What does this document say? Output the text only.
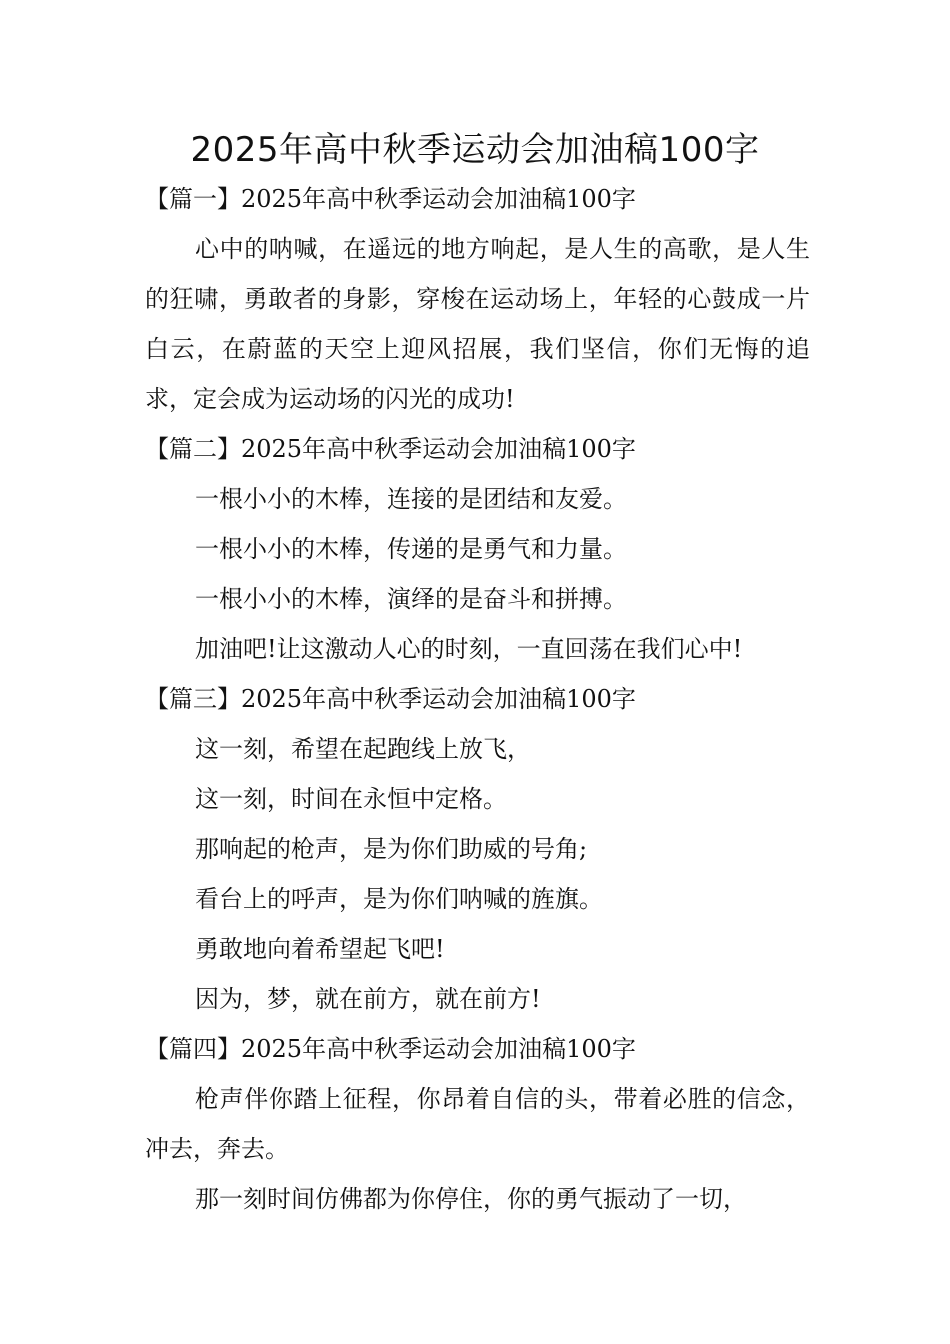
2025年高中秋季运动会加油稿100字

【篇一】2025年高中秋季运动会加油稿100字

心中的呐喊，在遥远的地方响起，是人生的高歌，是人生的狂啸，勇敢者的身影，穿梭在运动场上，年轻的心鼓成一片白云，在蔚蓝的天空上迎风招展，我们坚信，你们无悔的追求，定会成为运动场的闪光的成功!

【篇二】2025年高中秋季运动会加油稿100字

一根小小的木棒，连接的是团结和友爱。

一根小小的木棒，传递的是勇气和力量。

一根小小的木棒，演绎的是奋斗和拼搏。

加油吧!让这激动人心的时刻，一直回荡在我们心中!

【篇三】2025年高中秋季运动会加油稿100字

这一刻，希望在起跑线上放飞，

这一刻，时间在永恒中定格。

那响起的枪声，是为你们助威的号角;

看台上的呼声，是为你们呐喊的旌旗。

勇敢地向着希望起飞吧!

因为，梦，就在前方，就在前方!

【篇四】2025年高中秋季运动会加油稿100字

枪声伴你踏上征程，你昂着自信的头，带着必胜的信念，冲去，奔去。

那一刻时间仿佛都为你停住，你的勇气振动了一切，
